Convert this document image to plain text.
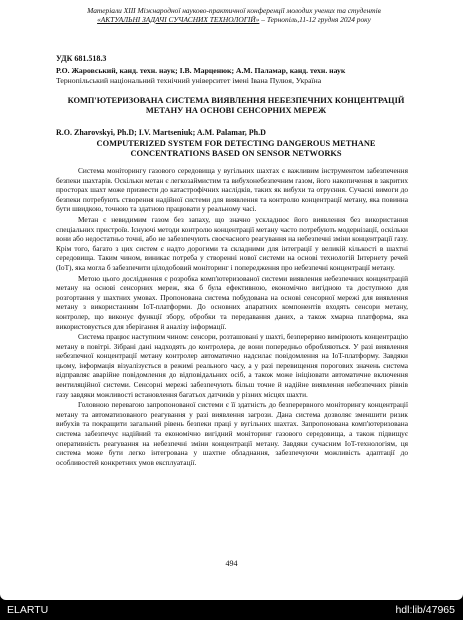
Матеріали XIII Міжнародної науково-практичної конференції молодих учених та студентів
«АКТУАЛЬНІ ЗАДАЧІ СУЧАСНИХ ТЕХНОЛОГІЙ» – Тернопіль,11-12 грудня 2024 року
УДК 681.518.3
Р.О. Жаровський, канд. техн. наук; І.В. Марценюк; А.М. Паламар, канд. техн. наук
Тернопільський національний технічний університет імені Івана Пулюя, Україна
КОМП'ЮТЕРИЗОВАНА СИСТЕМА ВИЯВЛЕННЯ НЕБЕЗПЕЧНИХ КОНЦЕНТРАЦІЙ МЕТАНУ НА ОСНОВІ СЕНСОРНИХ МЕРЕЖ
R.O. Zharovskyi, Ph.D; I.V. Martseniuk; A.M. Palamar, Ph.D
COMPUTERIZED SYSTEM FOR DETECTING DANGEROUS METHANE CONCENTRATIONS BASED ON SENSOR NETWORKS

Система моніторингу газового середовища у вугільних шахтах є важливим інструментом забезпечення безпеки шахтарів. Оскільки метан є легкозаймистим та вибухонебезпечним газом, його накопичення в закритих просторах шахт може призвести до катастрофічних наслідків, таких як вибухи та отруєння. Сучасні вимоги до безпеки потребують створення надійної системи для виявлення та контролю концентрації метану, яка повинна бути швидкою, точною та здатною працювати у реальному часі.

Метан є невидимим газом без запаху, що значно ускладнює його виявлення без використання спеціальних пристроїв. Існуючі методи контролю концентрації метану часто потребують модернізації, оскільки вони або недостатньо точні, або не забезпечують своєчасного реагування на небезпечні зміни концентрації газу. Крім того, багато з цих систем є надто дорогими та складними для інтеграції у великій кількості в шахтні середовища. Таким чином, виникає потреба у створенні нової системи на основі технологій Інтернету речей (IoT), яка могла б забезпечити цілодобовий моніторинг і попередження про небезпечні концентрації метану.

Метою цього дослідження є розробка комп'ютеризованої системи виявлення небезпечних концентрацій метану на основі сенсорних мереж, яка б була ефективною, економічно вигідною та доступною для розгортання у шахтних умовах. Пропонована система побудована на основі сенсорної мережі для виявлення метану з використанням IoT-платформи. До основних апаратних компонентів входять сенсори метану, контролер, що виконує функції збору, обробки та передавання даних, а також хмарна платформа, яка використовується для зберігання й аналізу інформації.

Система працює наступним чином: сенсори, розташовані у шахті, безперервно вимірюють концентрацію метану в повітрі. Зібрані дані надходять до контролера, де вони попередньо обробляються. У разі виявлення небезпечної концентрації метану контролер автоматично надсилає повідомлення на IoT-платформу. Завдяки цьому, інформація візуалізується в режимі реального часу, а у разі перевищення порогових значень система відправляє аварійне повідомлення до відповідальних осіб, а також може ініціювати автоматичне включення вентиляційної системи. Сенсорні мережі забезпечують більш точне й надійне виявлення небезпечних рівнів газу завдяки можливості встановлення багатьох датчиків у різних місцях шахти.

Головною перевагою запропонованої системи є її здатність до безперервного моніторингу концентрації метану та автоматизованого реагування у разі виявлення загрози. Дана система дозволяє зменшити ризик вибухів та покращити загальний рівень безпеки праці у вугільних шахтах. Запропонована комп'ютеризована система забезпечує надійний та економічно вигідний моніторинг газового середовища, а також підвищує оперативність реагування на небезпечні зміни концентрації метану. Завдяки сучасним IoT-технологіям, ця система може бути легко інтегрована у шахтне обладнання, забезпечуючи можливість адаптації до особливостей конкретних умов експлуатації.

494
ELARTU	hdl:lib/47965
